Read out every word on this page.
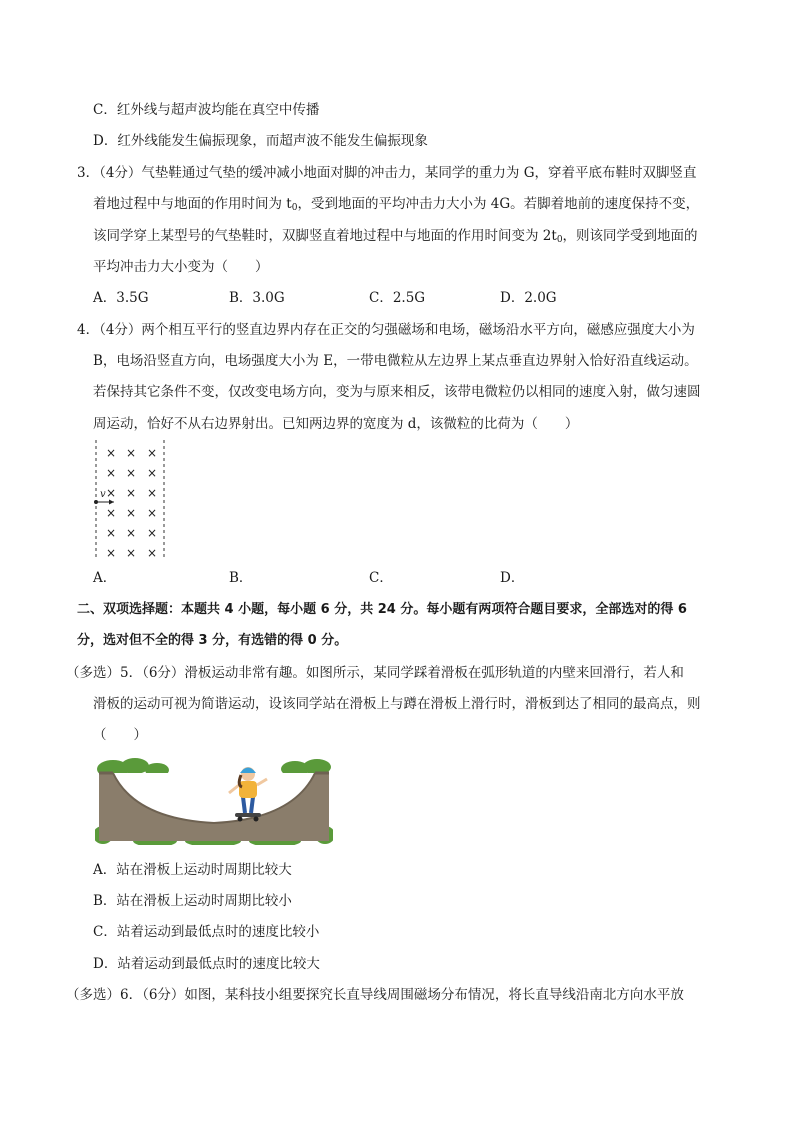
C．红外线与超声波均能在真空中传播
D．红外线能发生偏振现象，而超声波不能发生偏振现象
3．（4分）气垫鞋通过气垫的缓冲减小地面对脚的冲击力，某同学的重力为 G，穿着平底布鞋时双脚竖直
着地过程中与地面的作用时间为 $t_0$，受到地面的平均冲击力大小为 4G。若脚着地前的速度保持不变，
该同学穿上某型号的气垫鞋时，双脚竖直着地过程中与地面的作用时间变为 $2t_0$，则该同学受到地面的
平均冲击力大小变为（　　）
A．3.5G	B．3.0G	C．2.5G	D．2.0G
4．（4分）两个相互平行的竖直边界内存在正交的匀强磁场和电场，磁场沿水平方向，磁感应强度大小为
B，电场沿竖直方向，电场强度大小为 E，一带电微粒从左边界上某点垂直边界射入恰好沿直线运动。
若保持其它条件不变，仅改变电场方向，变为与原来相反，该带电微粒仍以相同的速度入射，做匀速圆
周运动，恰好不从右边界射出。已知两边界的宽度为 d，该微粒的比荷为（　　）
× × ×
× × ×
× × ×
× × ×
× × ×
× × ×
v
A．	B．	C．	D．
二、双项选择题：本题共 4 小题，每小题 6 分，共 24 分。每小题有两项符合题目要求，全部选对的得 6
分，选对但不全的得 3 分，有选错的得 0 分。
（多选）5．（6分）滑板运动非常有趣。如图所示，某同学踩着滑板在弧形轨道的内壁来回滑行，若人和
滑板的运动可视为简谐运动，设该同学站在滑板上与蹲在滑板上滑行时，滑板到达了相同的最高点，则
（　　）
A．站在滑板上运动时周期比较大
B．站在滑板上运动时周期比较小
C．站着运动到最低点时的速度比较小
D．站着运动到最低点时的速度比较大
（多选）6．（6分）如图，某科技小组要探究长直导线周围磁场分布情况，将长直导线沿南北方向水平放
